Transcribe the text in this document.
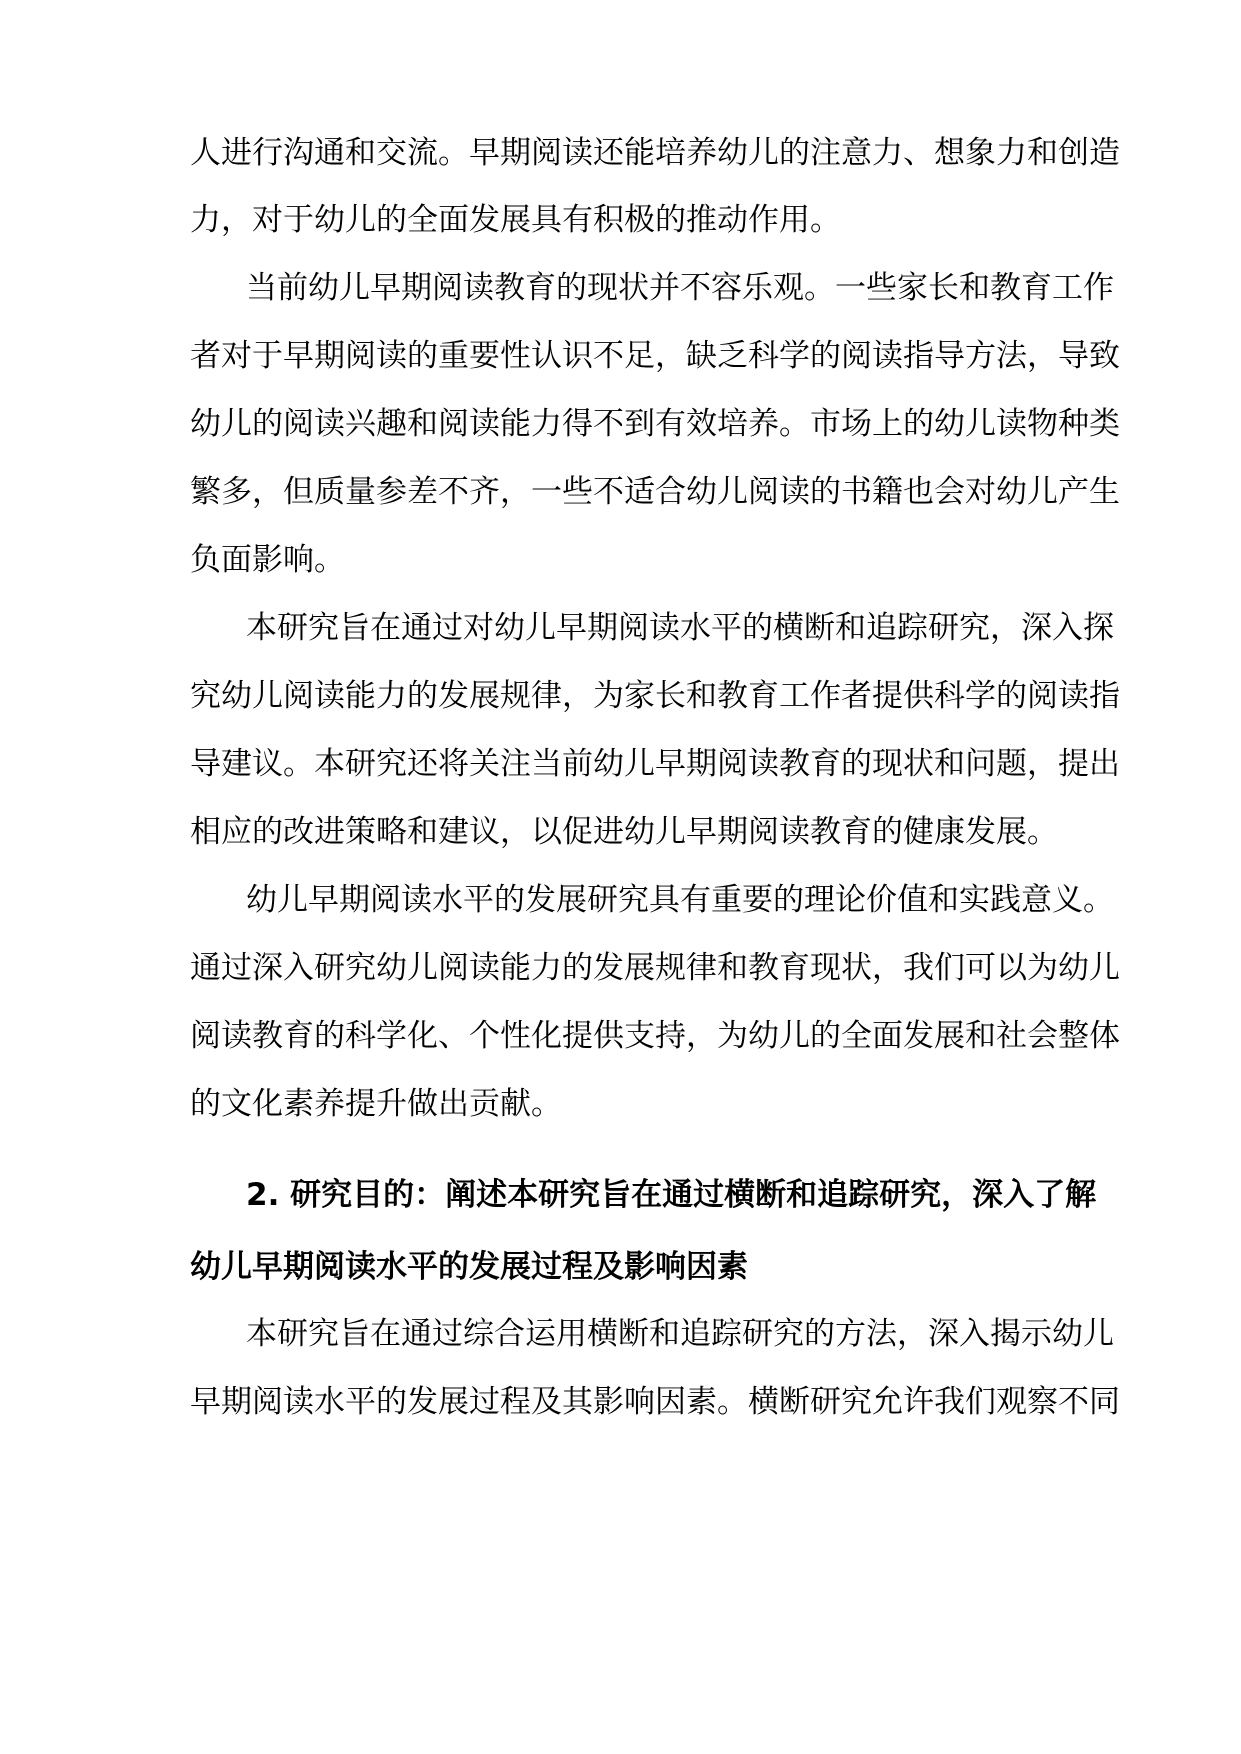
人进行沟通和交流。早期阅读还能培养幼儿的注意力、想象力和创造
力，对于幼儿的全面发展具有积极的推动作用。
当前幼儿早期阅读教育的现状并不容乐观。一些家长和教育工作
者对于早期阅读的重要性认识不足，缺乏科学的阅读指导方法，导致
幼儿的阅读兴趣和阅读能力得不到有效培养。市场上的幼儿读物种类
繁多，但质量参差不齐，一些不适合幼儿阅读的书籍也会对幼儿产生
负面影响。
本研究旨在通过对幼儿早期阅读水平的横断和追踪研究，深入探
究幼儿阅读能力的发展规律，为家长和教育工作者提供科学的阅读指
导建议。本研究还将关注当前幼儿早期阅读教育的现状和问题，提出
相应的改进策略和建议，以促进幼儿早期阅读教育的健康发展。
幼儿早期阅读水平的发展研究具有重要的理论价值和实践意义。
通过深入研究幼儿阅读能力的发展规律和教育现状，我们可以为幼儿
阅读教育的科学化、个性化提供支持，为幼儿的全面发展和社会整体
的文化素养提升做出贡献。
2. 研究目的：阐述本研究旨在通过横断和追踪研究，深入了解
幼儿早期阅读水平的发展过程及影响因素
本研究旨在通过综合运用横断和追踪研究的方法，深入揭示幼儿
早期阅读水平的发展过程及其影响因素。横断研究允许我们观察不同
